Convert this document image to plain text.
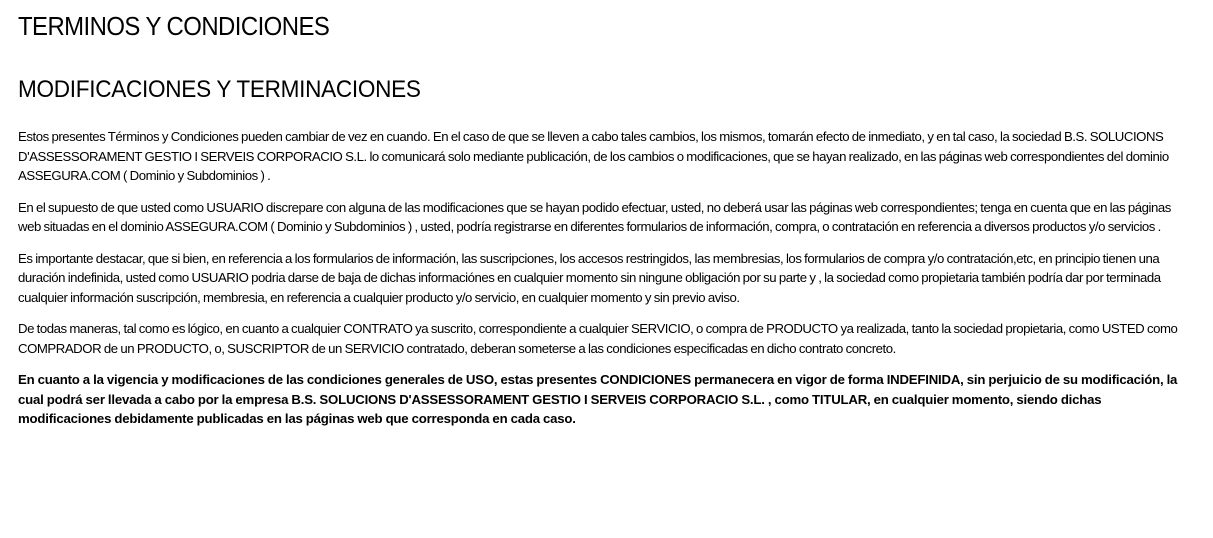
TERMINOS Y CONDICIONES
MODIFICACIONES Y TERMINACIONES

Estos presentes Términos y Condiciones pueden cambiar de vez en cuando. En el caso de que se lleven a cabo tales cambios, los mismos, tomarán efecto de inmediato, y en tal caso, la sociedad B.S. SOLUCIONS D'ASSESSORAMENT GESTIO I SERVEIS CORPORACIO S.L. lo comunicará solo mediante publicación, de los cambios o modificaciones, que se hayan realizado, en las páginas web correspondientes del dominio ASSEGURA.COM ( Dominio y Subdominios ) .

En el supuesto de que usted como USUARIO discrepare con alguna de las modificaciones que se hayan podido efectuar, usted, no deberá usar las páginas web correspondientes; tenga en cuenta que en las páginas web situadas en el dominio ASSEGURA.COM ( Dominio y Subdominios ) , usted, podría registrarse en diferentes formularios de información, compra, o contratación en referencia a diversos productos y/o servicios .

Es importante destacar, que si bien, en referencia a los formularios de información, las suscripciones, los accesos restringidos, las membresias, los formularios de compra y/o contratación,etc, en principio tienen una duración indefinida, usted como USUARIO podria darse de baja de dichas informaciónes en cualquier momento sin ningune obligación por su parte y , la sociedad como propietaria también podría dar por terminada cualquier información suscripción, membresia, en referencia a cualquier producto y/o servicio, en cualquier momento y sin previo aviso.

De todas maneras, tal como es lógico, en cuanto a cualquier CONTRATO ya suscrito, correspondiente a cualquier SERVICIO, o compra de PRODUCTO ya realizada, tanto la sociedad propietaria, como USTED como COMPRADOR de un PRODUCTO, o, SUSCRIPTOR de un SERVICIO contratado, deberan someterse a las condiciones especificadas en dicho contrato concreto.

En cuanto a la vigencia y modificaciones de las condiciones generales de USO, estas presentes CONDICIONES permanecera en vigor de forma INDEFINIDA, sin perjuicio de su modificación, la cual podrá ser llevada a cabo por la empresa B.S. SOLUCIONS D'ASSESSORAMENT GESTIO I SERVEIS CORPORACIO S.L. , como TITULAR, en cualquier momento, siendo dichas modificaciones debidamente publicadas en las páginas web que corresponda en cada caso.
